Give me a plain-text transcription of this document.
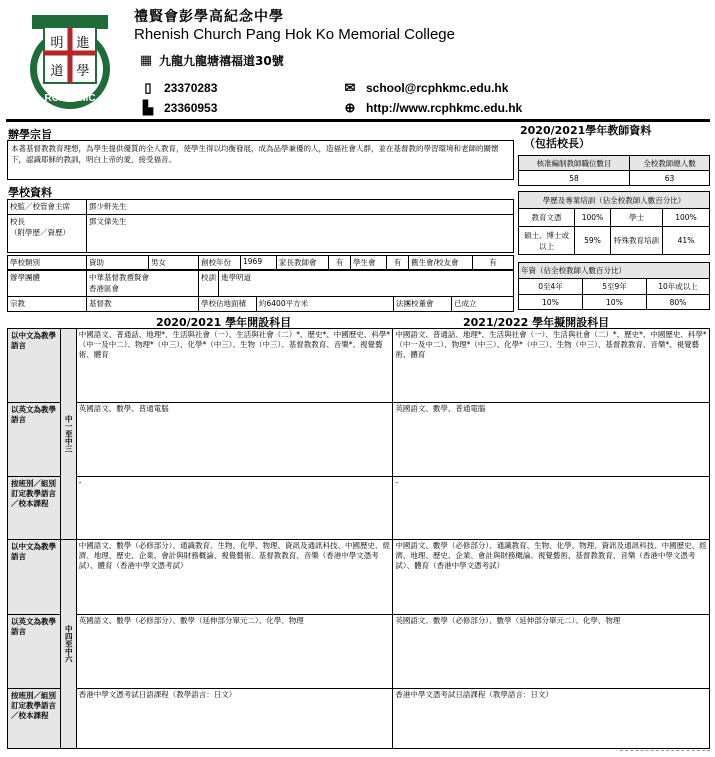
明 進
道 學
RCPHKMC
禮賢會彭學高紀念中學
Rhenish Church Pang Hok Ko Memorial College
▦ 九龍九龍塘禧福道30號
▯	23370283
▙ 23360953
✉ school@rcphkmc.edu.hk
⊕ http://www.rcphkmc.edu.hk
辦學宗旨
本著基督教教育理想，為學生提供優質的全人教育，使學生得以均衡發展，成為品學兼優的人，造福社會人群，並在基督教的學習環境和老師的關懷下，認識耶穌的教訓，明白上帝的愛，接受福音。
學校資料
校監／校管會主席	鄧少軒先生
校長
（附學歷／資歷）	鄧文偉先生
學校類別	資助	男女	創校年份	1969	家長教師會	有	學生會	有	舊生會/校友會	有
辦學團體	中華基督教禮賢會
香港區會	校訓	進學明道
宗教	基督教	學校佔地面積	約6400平方米	法團校董會	已成立
2020/2021學年教師資料
（包括校長）
核准編制教師職位數目	全校教師總人數
58	63
學歷及專業培訓（佔全校教師人數百分比）			
教育文憑	100%	學士	100%
碩士、博士或以上	59%	特殊教育培訓	41%
年資（佔全校教師人數百分比）		
0至4年	5至9年	10年或以上
10%	10%	80%
2020/2021 學年開設科目	2021/2022 學年擬開設科目
以中文為教學語言	中一至中三	中國語文、普通話、地理*、生活與社會（一）、生活與社會（二）*、歷史*、中國歷史、科學*（中一及中二）、物理*（中三）、化學*（中三）、生物（中三）、基督教教育、音樂*、視覺藝術、體育	中國語文、普通話、地理*、生活與社會（一）、生活與社會（二）*、歷史*、中國歷史、科學*（中一及中二）、物理*（中三）、化學*（中三）、生物（中三）、基督教教育、音樂*、視覺藝術、體育
以英文為教學語言		英國語文、數學、普通電腦	英國語文、數學、普通電腦
按班別／組別訂定教學語言／校本課程		-	-
以中文為教學語言	中四至中六	中國語文、數學（必修部分）、通識教育、生物、化學、物理、資訊及通訊科技、中國歷史、經濟、地理、歷史、企業、會計與財務概論、視覺藝術、基督教教育、音樂（香港中學文憑考試）、體育（香港中學文憑考試）	中國語文、數學（必修部分）、通識教育、生物、化學、物理、資訊及通訊科技、中國歷史、經濟、地理、歷史、企業、會計與財務概論、視覺藝術、基督教教育、音樂（香港中學文憑考試）、體育（香港中學文憑考試）
以英文為教學語言		英國語文、數學（必修部分）、數學（延伸部分單元二）、化學、物理	英國語文、數學（必修部分）、數學（延伸部分單元二）、化學、物理
按班別／組別訂定教學語言／校本課程		香港中學文憑考試日語課程（教學語言：日文）	香港中學文憑考試日語課程（教學語言：日文）
